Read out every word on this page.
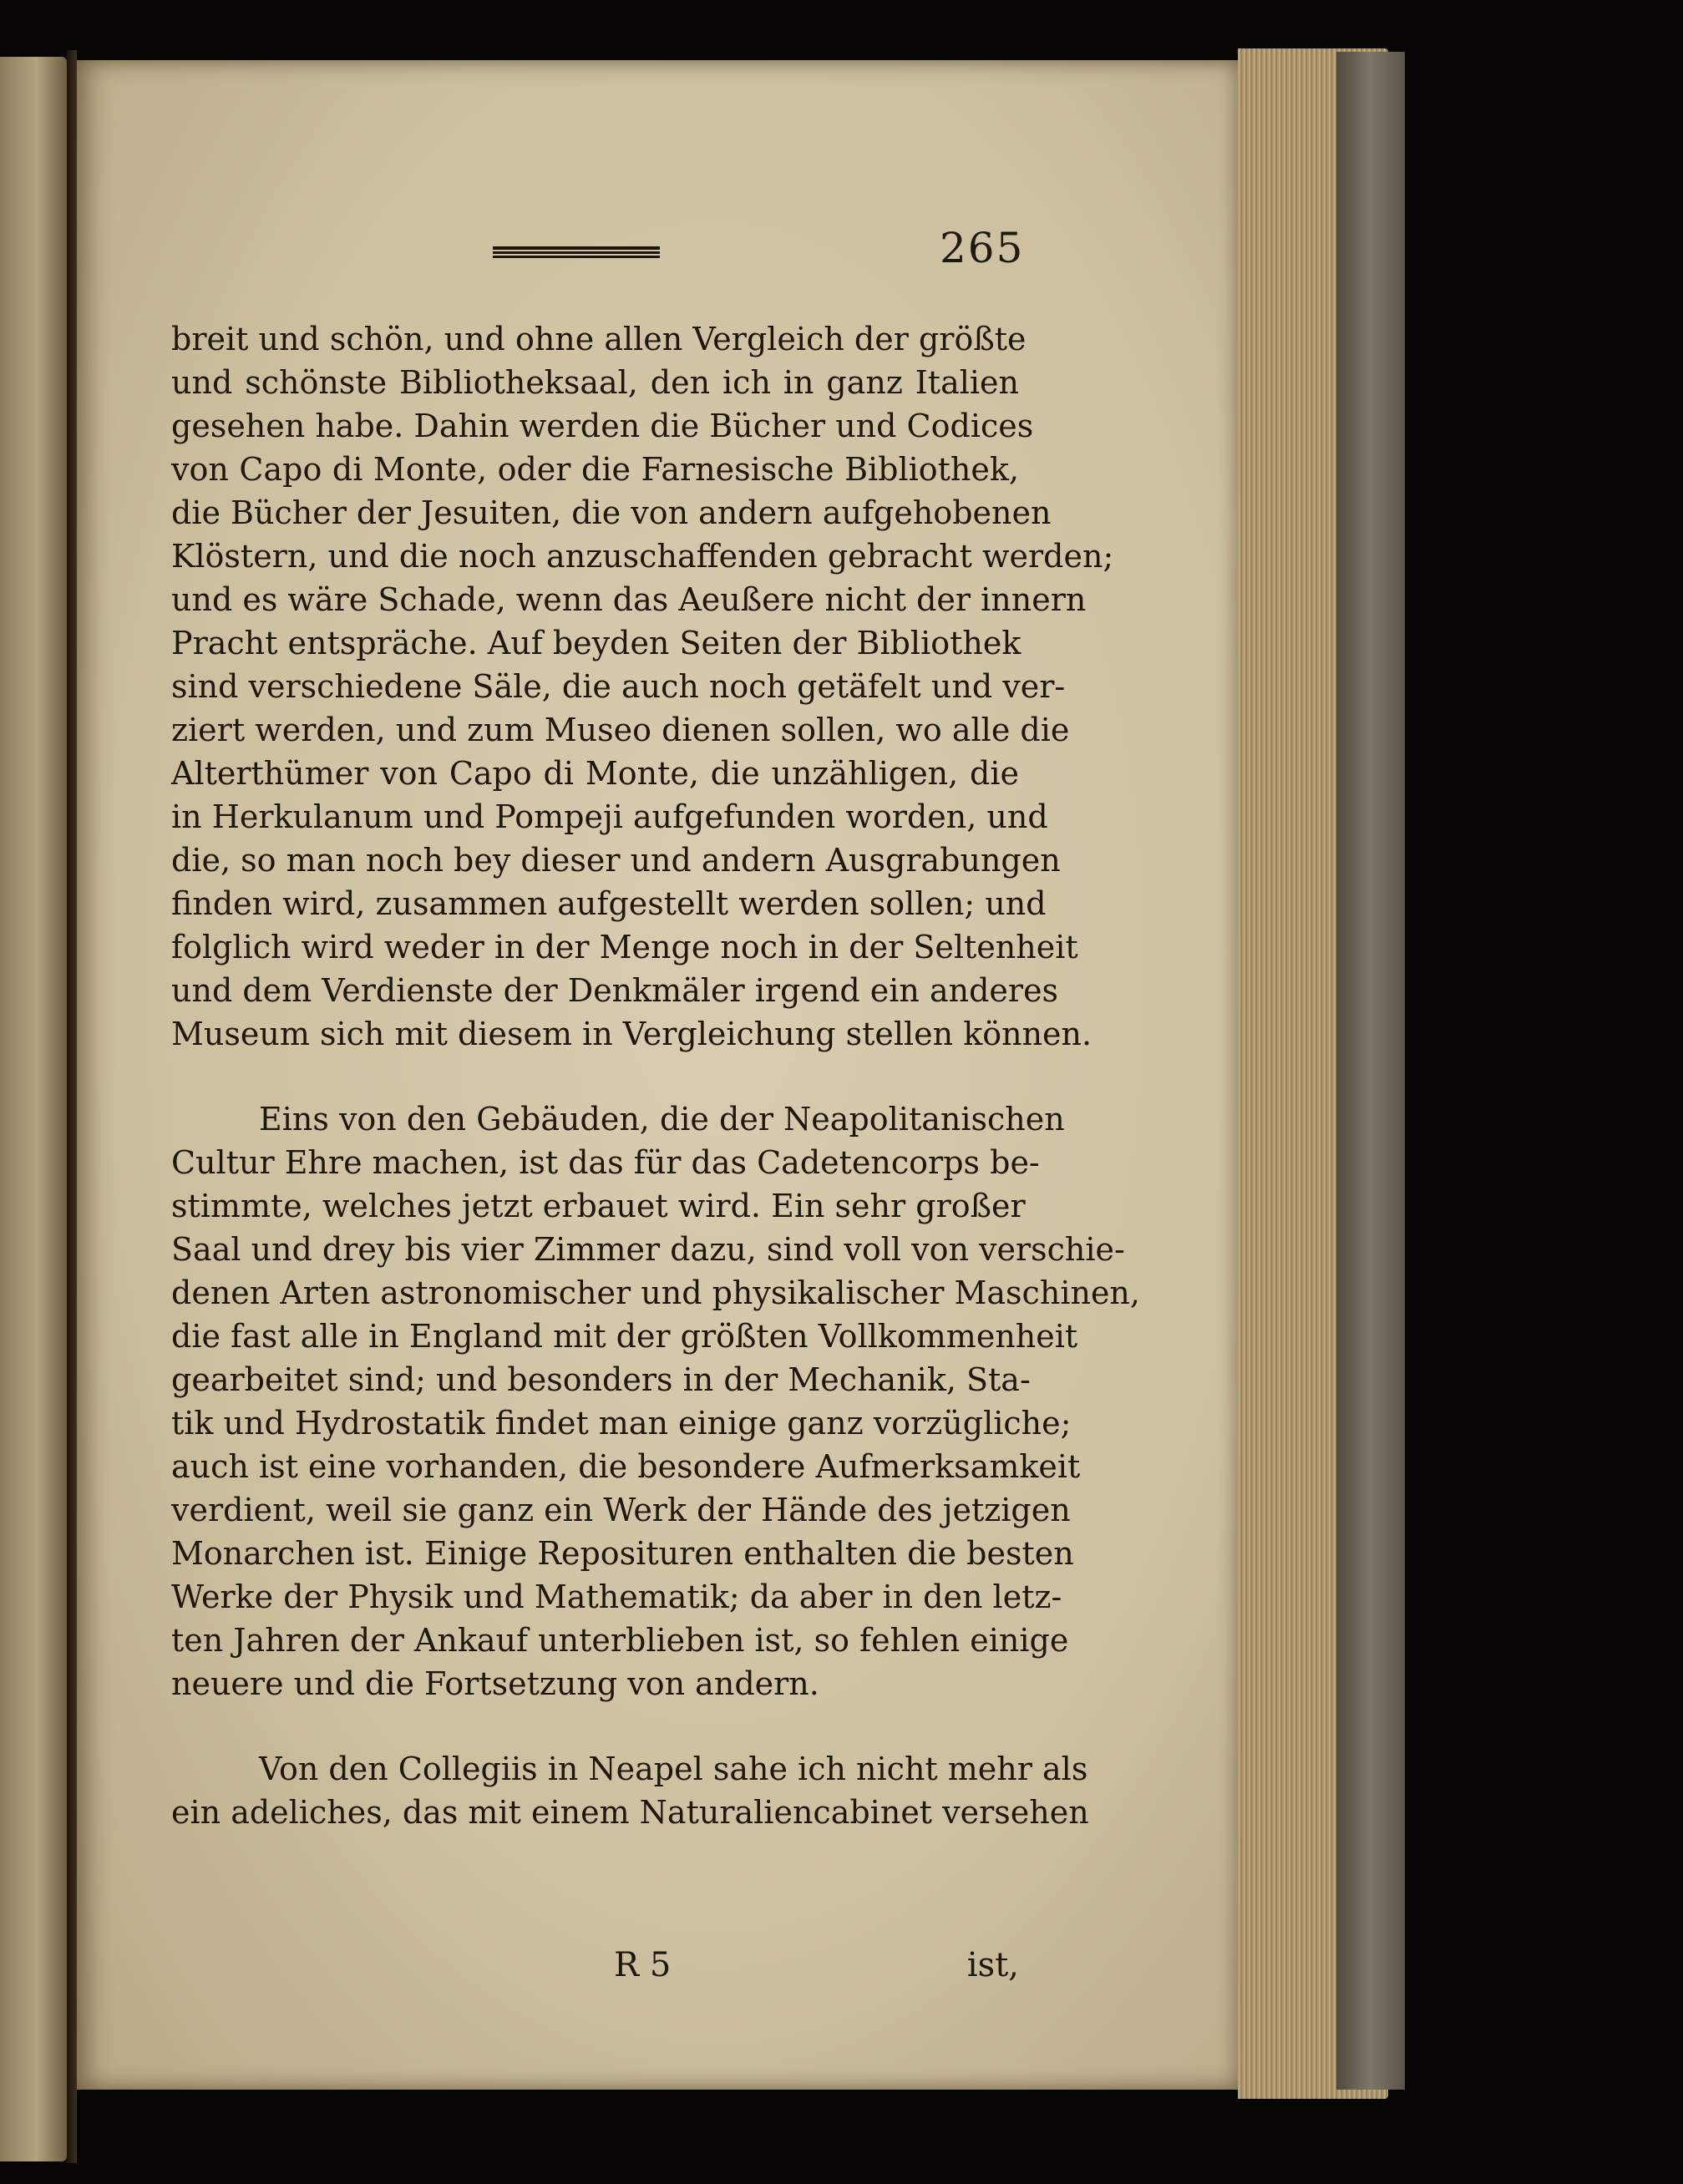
265
breit und schön, und ohne allen Vergleich der größte
und schönste Bibliotheksaal, den ich in ganz Italien
gesehen habe. Dahin werden die Bücher und Codices
von Capo di Monte, oder die Farnesische Bibliothek,
die Bücher der Jesuiten, die von andern aufgehobenen
Klöstern, und die noch anzuschaffenden gebracht werden;
und es wäre Schade, wenn das Aeußere nicht der innern
Pracht entspräche. Auf beyden Seiten der Bibliothek
sind verschiedene Säle, die auch noch getäfelt und ver-
ziert werden, und zum Museo dienen sollen, wo alle die
Alterthümer von Capo di Monte, die unzähligen, die
in Herkulanum und Pompeji aufgefunden worden, und
die, so man noch bey dieser und andern Ausgrabungen
finden wird, zusammen aufgestellt werden sollen; und
folglich wird weder in der Menge noch in der Seltenheit
und dem Verdienste der Denkmäler irgend ein anderes
Museum sich mit diesem in Vergleichung stellen können.
Eins von den Gebäuden, die der Neapolitanischen
Cultur Ehre machen, ist das für das Cadetencorps be-
stimmte, welches jetzt erbauet wird. Ein sehr großer
Saal und drey bis vier Zimmer dazu, sind voll von verschie-
denen Arten astronomischer und physikalischer Maschinen,
die fast alle in England mit der größten Vollkommenheit
gearbeitet sind; und besonders in der Mechanik, Sta-
tik und Hydrostatik findet man einige ganz vorzügliche;
auch ist eine vorhanden, die besondere Aufmerksamkeit
verdient, weil sie ganz ein Werk der Hände des jetzigen
Monarchen ist. Einige Reposituren enthalten die besten
Werke der Physik und Mathematik; da aber in den letz-
ten Jahren der Ankauf unterblieben ist, so fehlen einige
neuere und die Fortsetzung von andern.
Von den Collegiis in Neapel sahe ich nicht mehr als
ein adeliches, das mit einem Naturaliencabinet versehen
R 5	ist,
